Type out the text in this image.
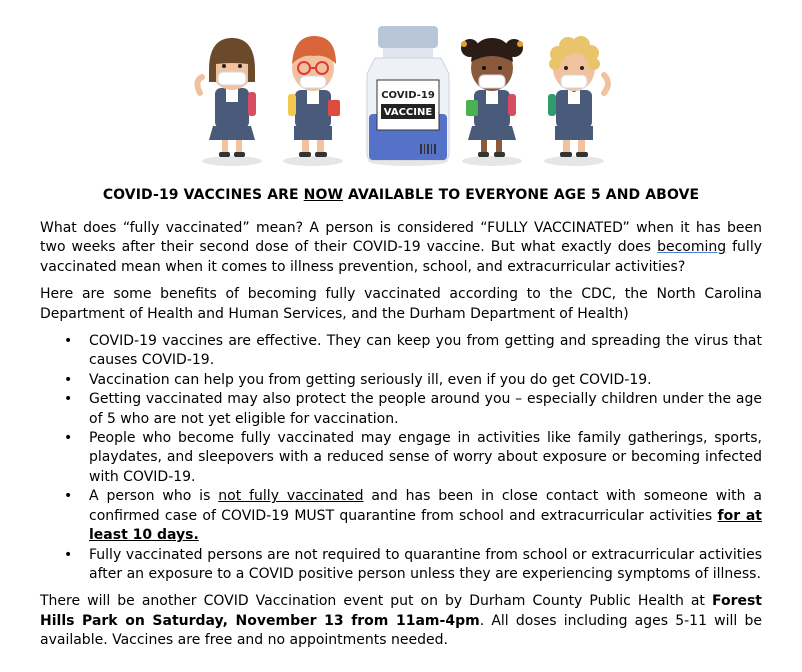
COVID-19
VACCINE
COVID-19 VACCINES ARE NOW AVAILABLE TO EVERYONE AGE 5 AND ABOVE

What does “fully vaccinated” mean? A person is considered “FULLY VACCINATED” when it has been two weeks after their second dose of their COVID-19 vaccine. But what exactly does becoming fully vaccinated mean when it comes to illness prevention, school, and extracurricular activities?

Here are some benefits of becoming fully vaccinated according to the CDC, the North Carolina Department of Health and Human Services, and the Durham Department of Health)

• COVID-19 vaccines are effective. They can keep you from getting and spreading the virus that causes COVID-19.
• Vaccination can help you from getting seriously ill, even if you do get COVID-19.
• Getting vaccinated may also protect the people around you – especially children under the age of 5 who are not yet eligible for vaccination.
• People who become fully vaccinated may engage in activities like family gatherings, sports, playdates, and sleepovers with a reduced sense of worry about exposure or becoming infected with COVID-19.
• A person who is not fully vaccinated and has been in close contact with someone with a confirmed case of COVID-19 MUST quarantine from school and extracurricular activities for at least 10 days.
• Fully vaccinated persons are not required to quarantine from school or extracurricular activities after an exposure to a COVID positive person unless they are experiencing symptoms of illness.

There will be another COVID Vaccination event put on by Durham County Public Health at Forest Hills Park on Saturday, November 13 from 11am-4pm. All doses including ages 5-11 will be available. Vaccines are free and no appointments needed.
